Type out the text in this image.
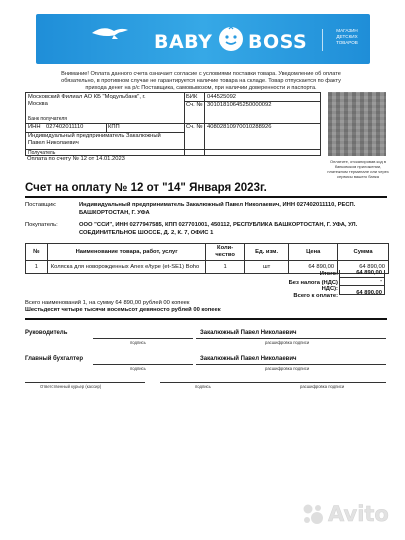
BABY BOSS
МАГАЗИН ДЕТСКИХ ТОВАРОВ
Внимание! Оплата данного счета означает согласие с условиями поставки товара. Уведомление об оплате
обязательно, в противном случае не гарантируется наличие товара на складе. Товар отпускается по факту
прихода денег на р/с Поставщика, самовывозом, при наличии доверенности и паспорта.
Московский Филиал АО КБ "Модульбанк", г.
Москва
Банк получателя
БИК 044525092
Сч. № 30101810645250000092
ИНН 027402011110	КПП	Сч. № 40802810970010288926
Индивидуальный предприниматель Закалюжный
Павел Николаевич
Получатель
Оплата по счету № 12 от 14.01.2023	Оплатите, отсканировав код в банковском приложении, платежном терминале или через сервисы вашего банка
Счет на оплату № 12 от "14" Января 2023г.
Поставщик:	Индивидуальный предприниматель Закалюжный Павел Николаевич, ИНН 027402011110, РЕСП.
БАШКОРТОСТАН, Г. УФА
Покупатель:	ООО "ССИ", ИНН 0277947585, КПП 027701001, 450112, РЕСПУБЛИКА БАШКОРТОСТАН, Г. УФА, УЛ.
СОЕДИНИТЕЛЬНОЕ ШОССЕ, Д. 2, К. 7, ОФИС 1
№	Наименование товара, работ, услуг	Коли-
чество	Ед. изм.	Цена	Сумма
1	Коляска для новорожденных Anex e/type (et-SE1) Boho	1	шт	64 890,00	64 890,00
Итого:	64 890,00
Без налога (НДС)	-
НДС):
Всего к оплате:	64 890,00
Всего наименований 1, на сумму 64 890,00 рублей 00 копеек
Шестьдесят четыре тысячи восемьсот девяносто рублей 00 копеек
Руководитель	Закалюжный Павел Николаевич
подпись	расшифровка подписи
Главный бухгалтер	Закалюжный Павел Николаевич
подпись	расшифровка подписи
Ответственный курьер (кассир)	подпись	расшифровка подписи
Avito
